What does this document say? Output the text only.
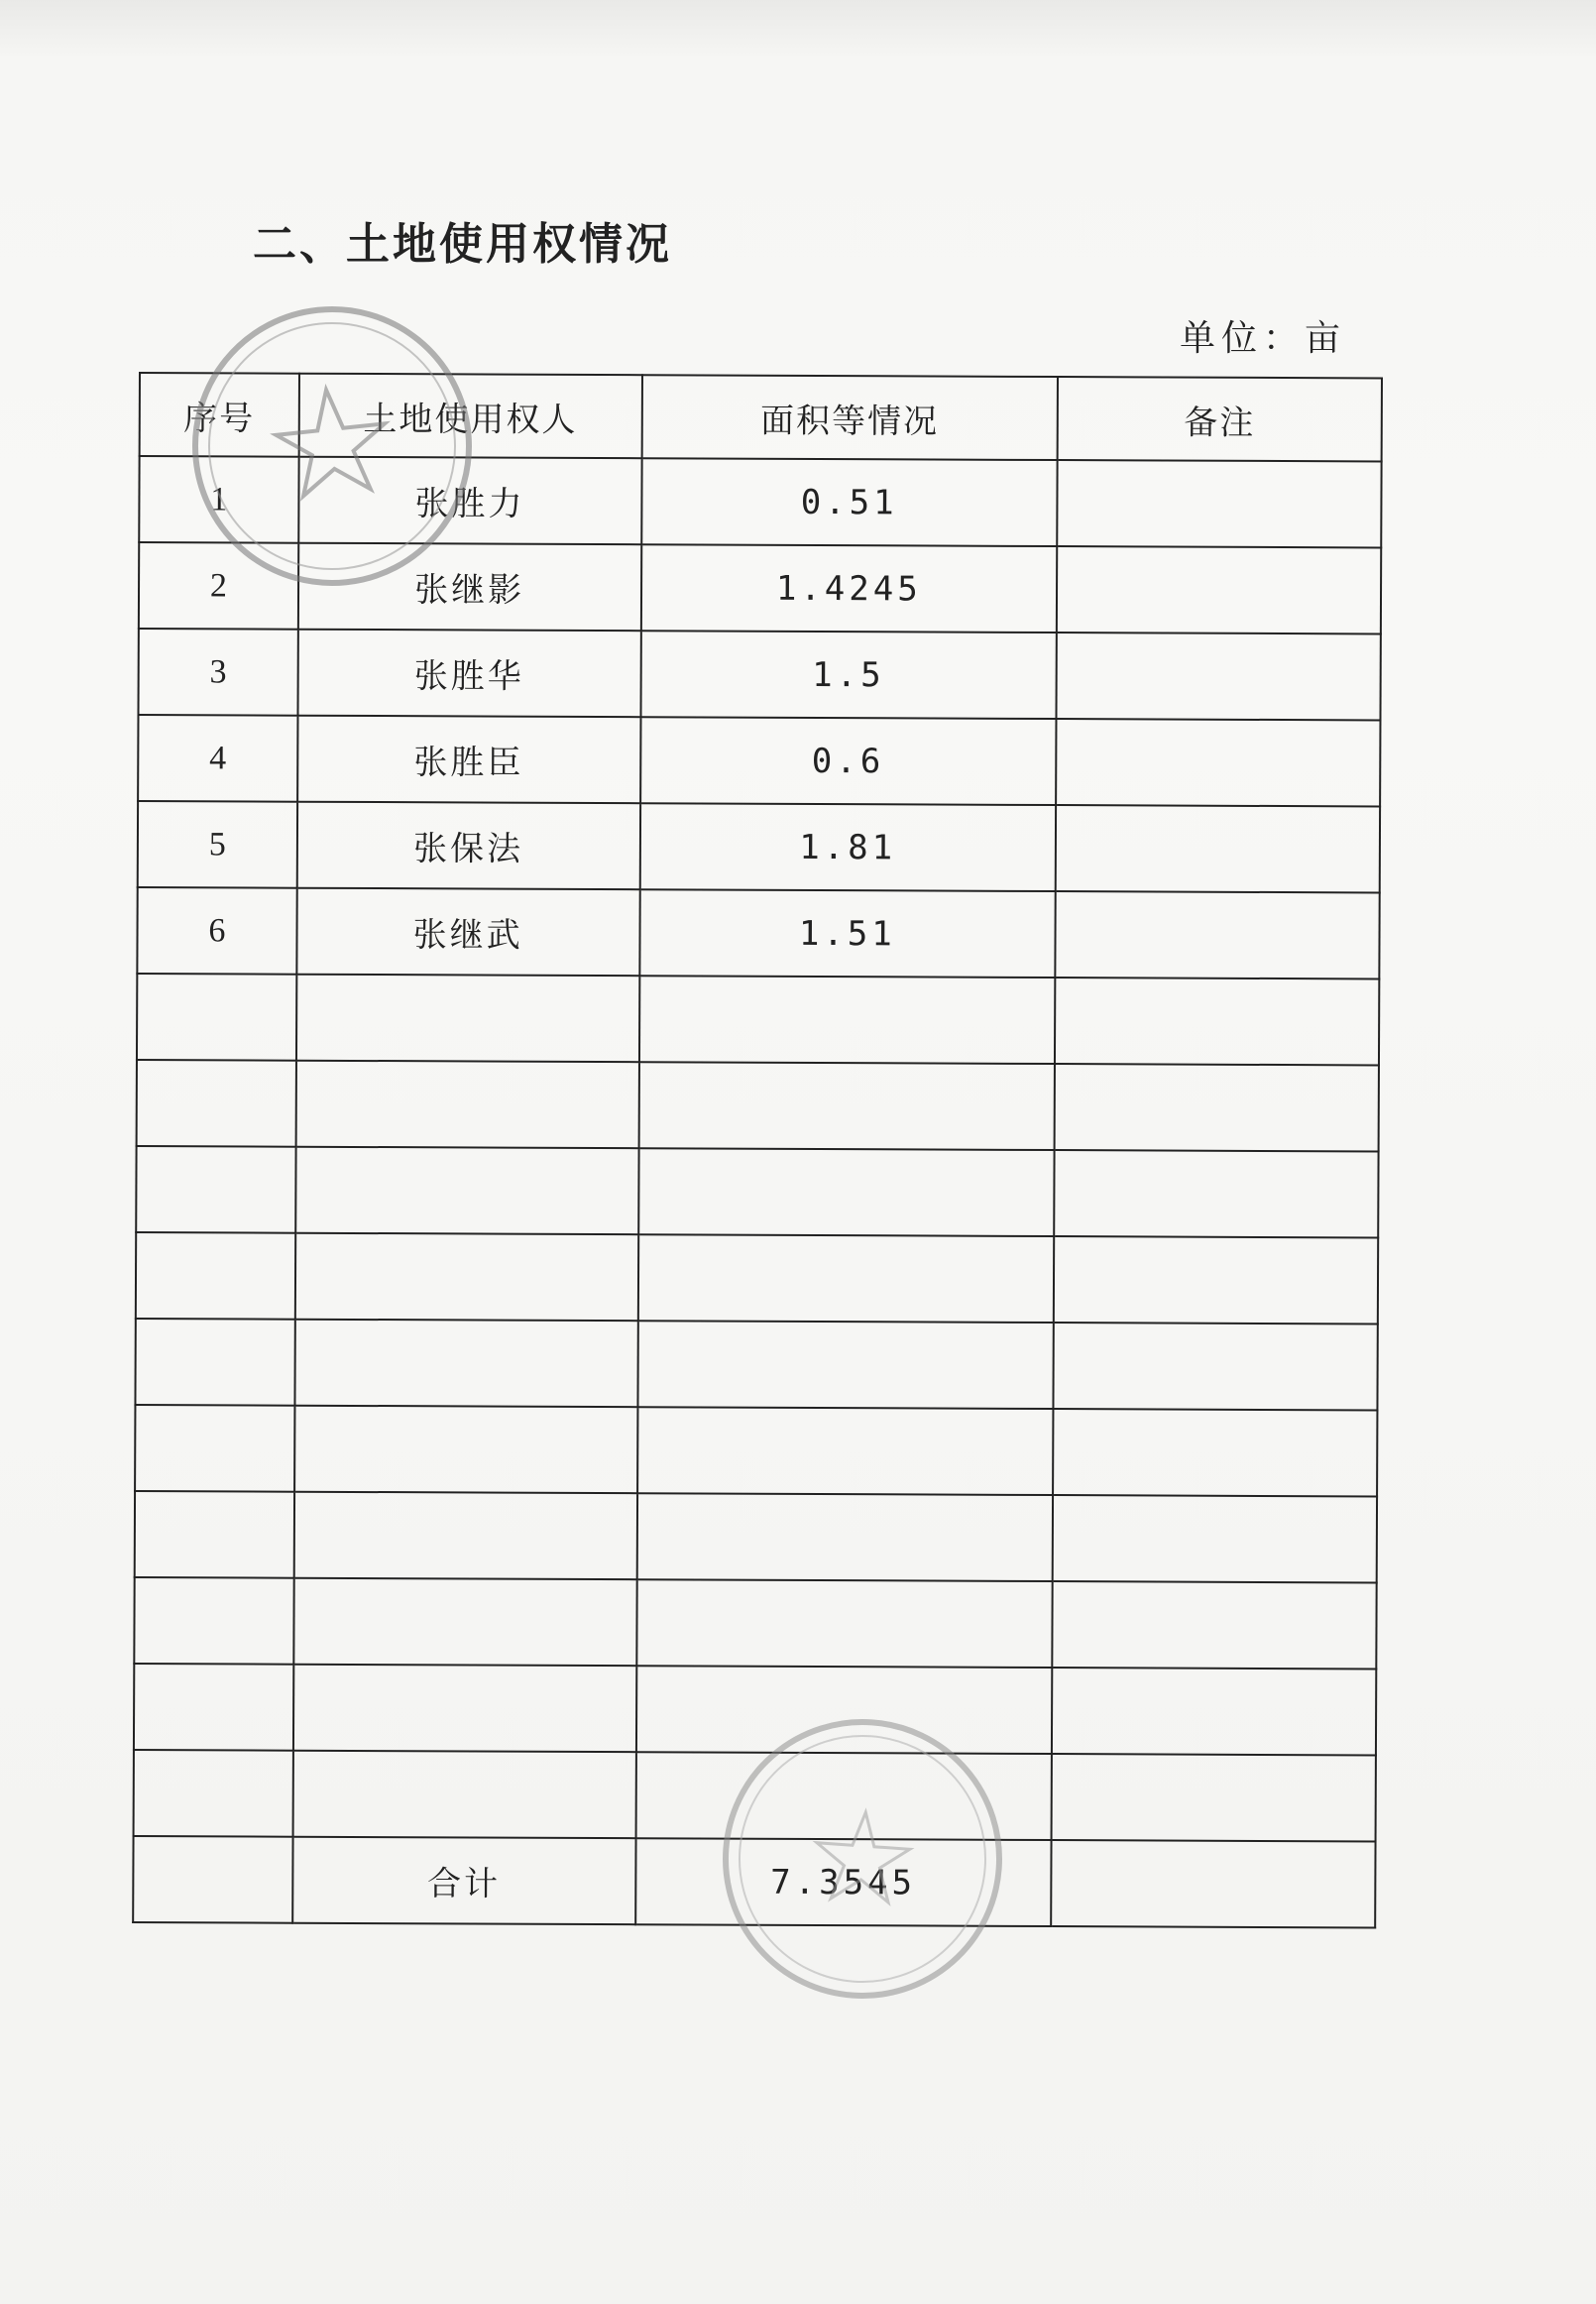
二、土地使用权情况
单位：亩
序号	土地使用权人	面积等情况	备注
1	张胜力	0.51	
2	张继影	1.4245	
3	张胜华	1.5	
4	张胜臣	0.6	
5	张保法	1.81	
6	张继武	1.51	

	合计	7.3545	
